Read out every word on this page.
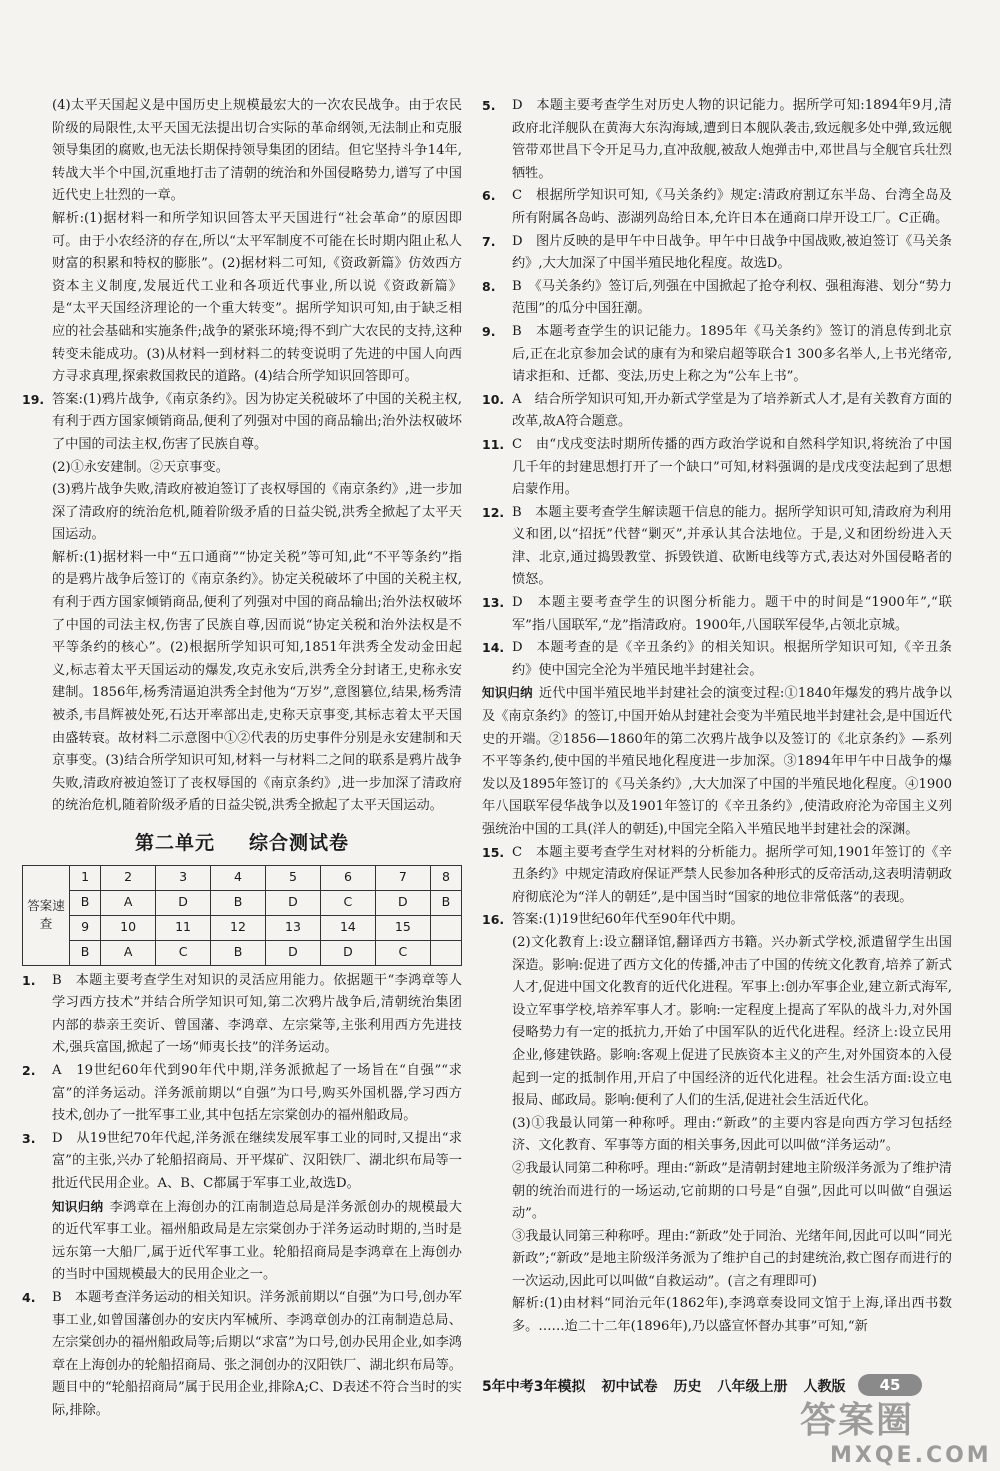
(4)太平天国起义是中国历史上规模最宏大的一次农民战争。由于农民阶级的局限性,太平天国无法提出切合实际的革命纲领,无法制止和克服领导集团的腐败,也无法长期保持领导集团的团结。但它坚持斗争14年,转战大半个中国,沉重地打击了清朝的统治和外国侵略势力,谱写了中国近代史上壮烈的一章。

解析:(1)据材料一和所学知识回答太平天国进行“社会革命”的原因即可。由于小农经济的存在,所以“太平军制度不可能在长时期内阻止私人财富的积累和特权的膨胀”。(2)据材料二可知,《资政新篇》仿效西方资本主义制度,发展近代工业和各项近代事业,所以说《资政新篇》是“太平天国经济理论的一个重大转变”。据所学知识可知,由于缺乏相应的社会基础和实施条件;战争的紧张环境;得不到广大农民的支持,这种转变未能成功。(3)从材料一到材料二的转变说明了先进的中国人向西方寻求真理,探索救国救民的道路。(4)结合所学知识回答即可。

19. 答案:(1)鸦片战争,《南京条约》。因为协定关税破坏了中国的关税主权,有利于西方国家倾销商品,便利了列强对中国的商品输出;治外法权破坏了中国的司法主权,伤害了民族自尊。

(2)①永安建制。②天京事变。

(3)鸦片战争失败,清政府被迫签订了丧权辱国的《南京条约》,进一步加深了清政府的统治危机,随着阶级矛盾的日益尖锐,洪秀全掀起了太平天国运动。

解析:(1)据材料一中“五口通商”“协定关税”等可知,此“不平等条约”指的是鸦片战争后签订的《南京条约》。协定关税破坏了中国的关税主权,有利于西方国家倾销商品,便利了列强对中国的商品输出;治外法权破坏了中国的司法主权,伤害了民族自尊,因而说“协定关税和治外法权是不平等条约的核心”。(2)根据所学知识可知,1851年洪秀全发动金田起义,标志着太平天国运动的爆发,攻克永安后,洪秀全分封诸王,史称永安建制。1856年,杨秀清逼迫洪秀全封他为“万岁”,意图篡位,结果,杨秀清被杀,韦昌辉被处死,石达开率部出走,史称天京事变,其标志着太平天国由盛转衰。故材料二示意图中①②代表的历史事件分别是永安建制和天京事变。(3)结合所学知识可知,材料一与材料二之间的联系是鸦片战争失败,清政府被迫签订了丧权辱国的《南京条约》,进一步加深了清政府的统治危机,随着阶级矛盾的日益尖锐,洪秀全掀起了太平天国运动。

第二单元 综合测试卷
答案速查	1	2	3	4	5	6	7	8
	B	A	D	B	D	C	D	B
	9	10	11	12	13	14	15	
	B	A	C	B	D	D	C	
1.	B　本题主要考查学生对知识的灵活应用能力。依据题干“李鸿章等人学习西方技术”并结合所学知识可知,第二次鸦片战争后,清朝统治集团内部的恭亲王奕䜣、曾国藩、李鸿章、左宗棠等,主张利用西方先进技术,强兵富国,掀起了一场“师夷长技”的洋务运动。
2.	A　19世纪60年代到90年代中期,洋务派掀起了一场旨在“自强”“求富”的洋务运动。洋务派前期以“自强”为口号,购买外国机器,学习西方技术,创办了一批军事工业,其中包括左宗棠创办的福州船政局。
3.	D　从19世纪70年代起,洋务派在继续发展军事工业的同时,又提出“求富”的主张,兴办了轮船招商局、开平煤矿、汉阳铁厂、湖北织布局等一批近代民用企业。A、B、C都属于军事工业,故选D。

知识归纳 李鸿章在上海创办的江南制造总局是洋务派创办的规模最大的近代军事工业。福州船政局是左宗棠创办于洋务运动时期的,当时是远东第一大船厂,属于近代军事工业。轮船招商局是李鸿章在上海创办的当时中国规模最大的民用企业之一。

4.	B　本题考查洋务运动的相关知识。洋务派前期以“自强”为口号,创办军事工业,如曾国藩创办的安庆内军械所、李鸿章创办的江南制造总局、左宗棠创办的福州船政局等;后期以“求富”为口号,创办民用企业,如李鸿章在上海创办的轮船招商局、张之洞创办的汉阳铁厂、湖北织布局等。题目中的“轮船招商局”属于民用企业,排除A;C、D表述不符合当时的实际,排除。
5.	D　本题主要考查学生对历史人物的识记能力。据所学可知:1894年9月,清政府北洋舰队在黄海大东沟海域,遭到日本舰队袭击,致远舰多处中弹,致远舰管带邓世昌下令开足马力,直冲敌舰,被敌人炮弹击中,邓世昌与全舰官兵壮烈牺牲。
6.	C　根据所学知识可知,《马关条约》规定:清政府割辽东半岛、台湾全岛及所有附属各岛屿、澎湖列岛给日本,允许日本在通商口岸开设工厂。C正确。
7.	D　图片反映的是甲午中日战争。甲午中日战争中国战败,被迫签订《马关条约》,大大加深了中国半殖民地化程度。故选D。
8.	B　《马关条约》签订后,列强在中国掀起了抢夺利权、强租海港、划分“势力范围”的瓜分中国狂潮。
9.	B　本题考查学生的识记能力。1895年《马关条约》签订的消息传到北京后,正在北京参加会试的康有为和梁启超等联合1 300多名举人,上书光绪帝,请求拒和、迁都、变法,历史上称之为“公车上书”。
10. A　结合所学知识可知,开办新式学堂是为了培养新式人才,是有关教育方面的改革,故A符合题意。
11. C　由“戊戌变法时期所传播的西方政治学说和自然科学知识,将统治了中国几千年的封建思想打开了一个缺口”可知,材料强调的是戊戌变法起到了思想启蒙作用。
12. B　本题主要考查学生解读题干信息的能力。据所学知识可知,清政府为利用义和团,以“招抚”代替“剿灭”,并承认其合法地位。于是,义和团纷纷进入天津、北京,通过捣毁教堂、拆毁铁道、砍断电线等方式,表达对外国侵略者的愤怒。
13. D　本题主要考查学生的识图分析能力。题干中的时间是“1900年”,“联军”指八国联军,“龙”指清政府。1900年,八国联军侵华,占领北京城。
14. D　本题考查的是《辛丑条约》的相关知识。根据所学知识可知,《辛丑条约》使中国完全沦为半殖民地半封建社会。

知识归纳 近代中国半殖民地半封建社会的演变过程:①1840年爆发的鸦片战争以及《南京条约》的签订,中国开始从封建社会变为半殖民地半封建社会,是中国近代史的开端。②1856—1860年的第二次鸦片战争以及签订的《北京条约》—系列不平等条约,使中国的半殖民地化程度进一步加深。③1894年甲午中日战争的爆发以及1895年签订的《马关条约》,大大加深了中国的半殖民地化程度。④1900年八国联军侵华战争以及1901年签订的《辛丑条约》,使清政府沦为帝国主义列强统治中国的工具(洋人的朝廷),中国完全陷入半殖民地半封建社会的深渊。

15. C　本题主要考查学生对材料的分析能力。据所学可知,1901年签订的《辛丑条约》中规定清政府保证严禁人民参加各种形式的反帝活动,这表明清朝政府彻底沦为“洋人的朝廷”,是中国当时“国家的地位非常低落”的表现。
16. 答案:(1)19世纪60年代至90年代中期。

(2)文化教育上:设立翻译馆,翻译西方书籍。兴办新式学校,派遣留学生出国深造。影响:促进了西方文化的传播,冲击了中国的传统文化教育,培养了新式人才,促进中国文化教育的近代化进程。军事上:创办军事企业,建立新式海军,设立军事学校,培养军事人才。影响:一定程度上提高了军队的战斗力,对外国侵略势力有一定的抵抗力,开始了中国军队的近代化进程。经济上:设立民用企业,修建铁路。影响:客观上促进了民族资本主义的产生,对外国资本的入侵起到一定的抵制作用,开启了中国经济的近代化进程。社会生活方面:设立电报局、邮政局。影响:便利了人们的生活,促进社会生活近代化。

(3)①我最认同第一种称呼。理由:“新政”的主要内容是向西方学习包括经济、文化教育、军事等方面的相关事务,因此可以叫做“洋务运动”。

②我最认同第二种称呼。理由:“新政”是清朝封建地主阶级洋务派为了维护清朝的统治而进行的一场运动,它前期的口号是“自强”,因此可以叫做“自强运动”。

③我最认同第三种称呼。理由:“新政”处于同治、光绪年间,因此可以叫“同光新政”;“新政”是地主阶级洋务派为了维护自己的封建统治,救亡图存而进行的一次运动,因此可以叫做“自救运动”。(言之有理即可)

解析:(1)由材料“同治元年(1862年),李鸿章奏设同文馆于上海,译出西书数多。……迨二十二年(1896年),乃以盛宣怀督办其事”可知,“新

5年中考3年模拟 初中试卷 历史 八年级上册 人教版	45
答案圈
MXQE.COM
